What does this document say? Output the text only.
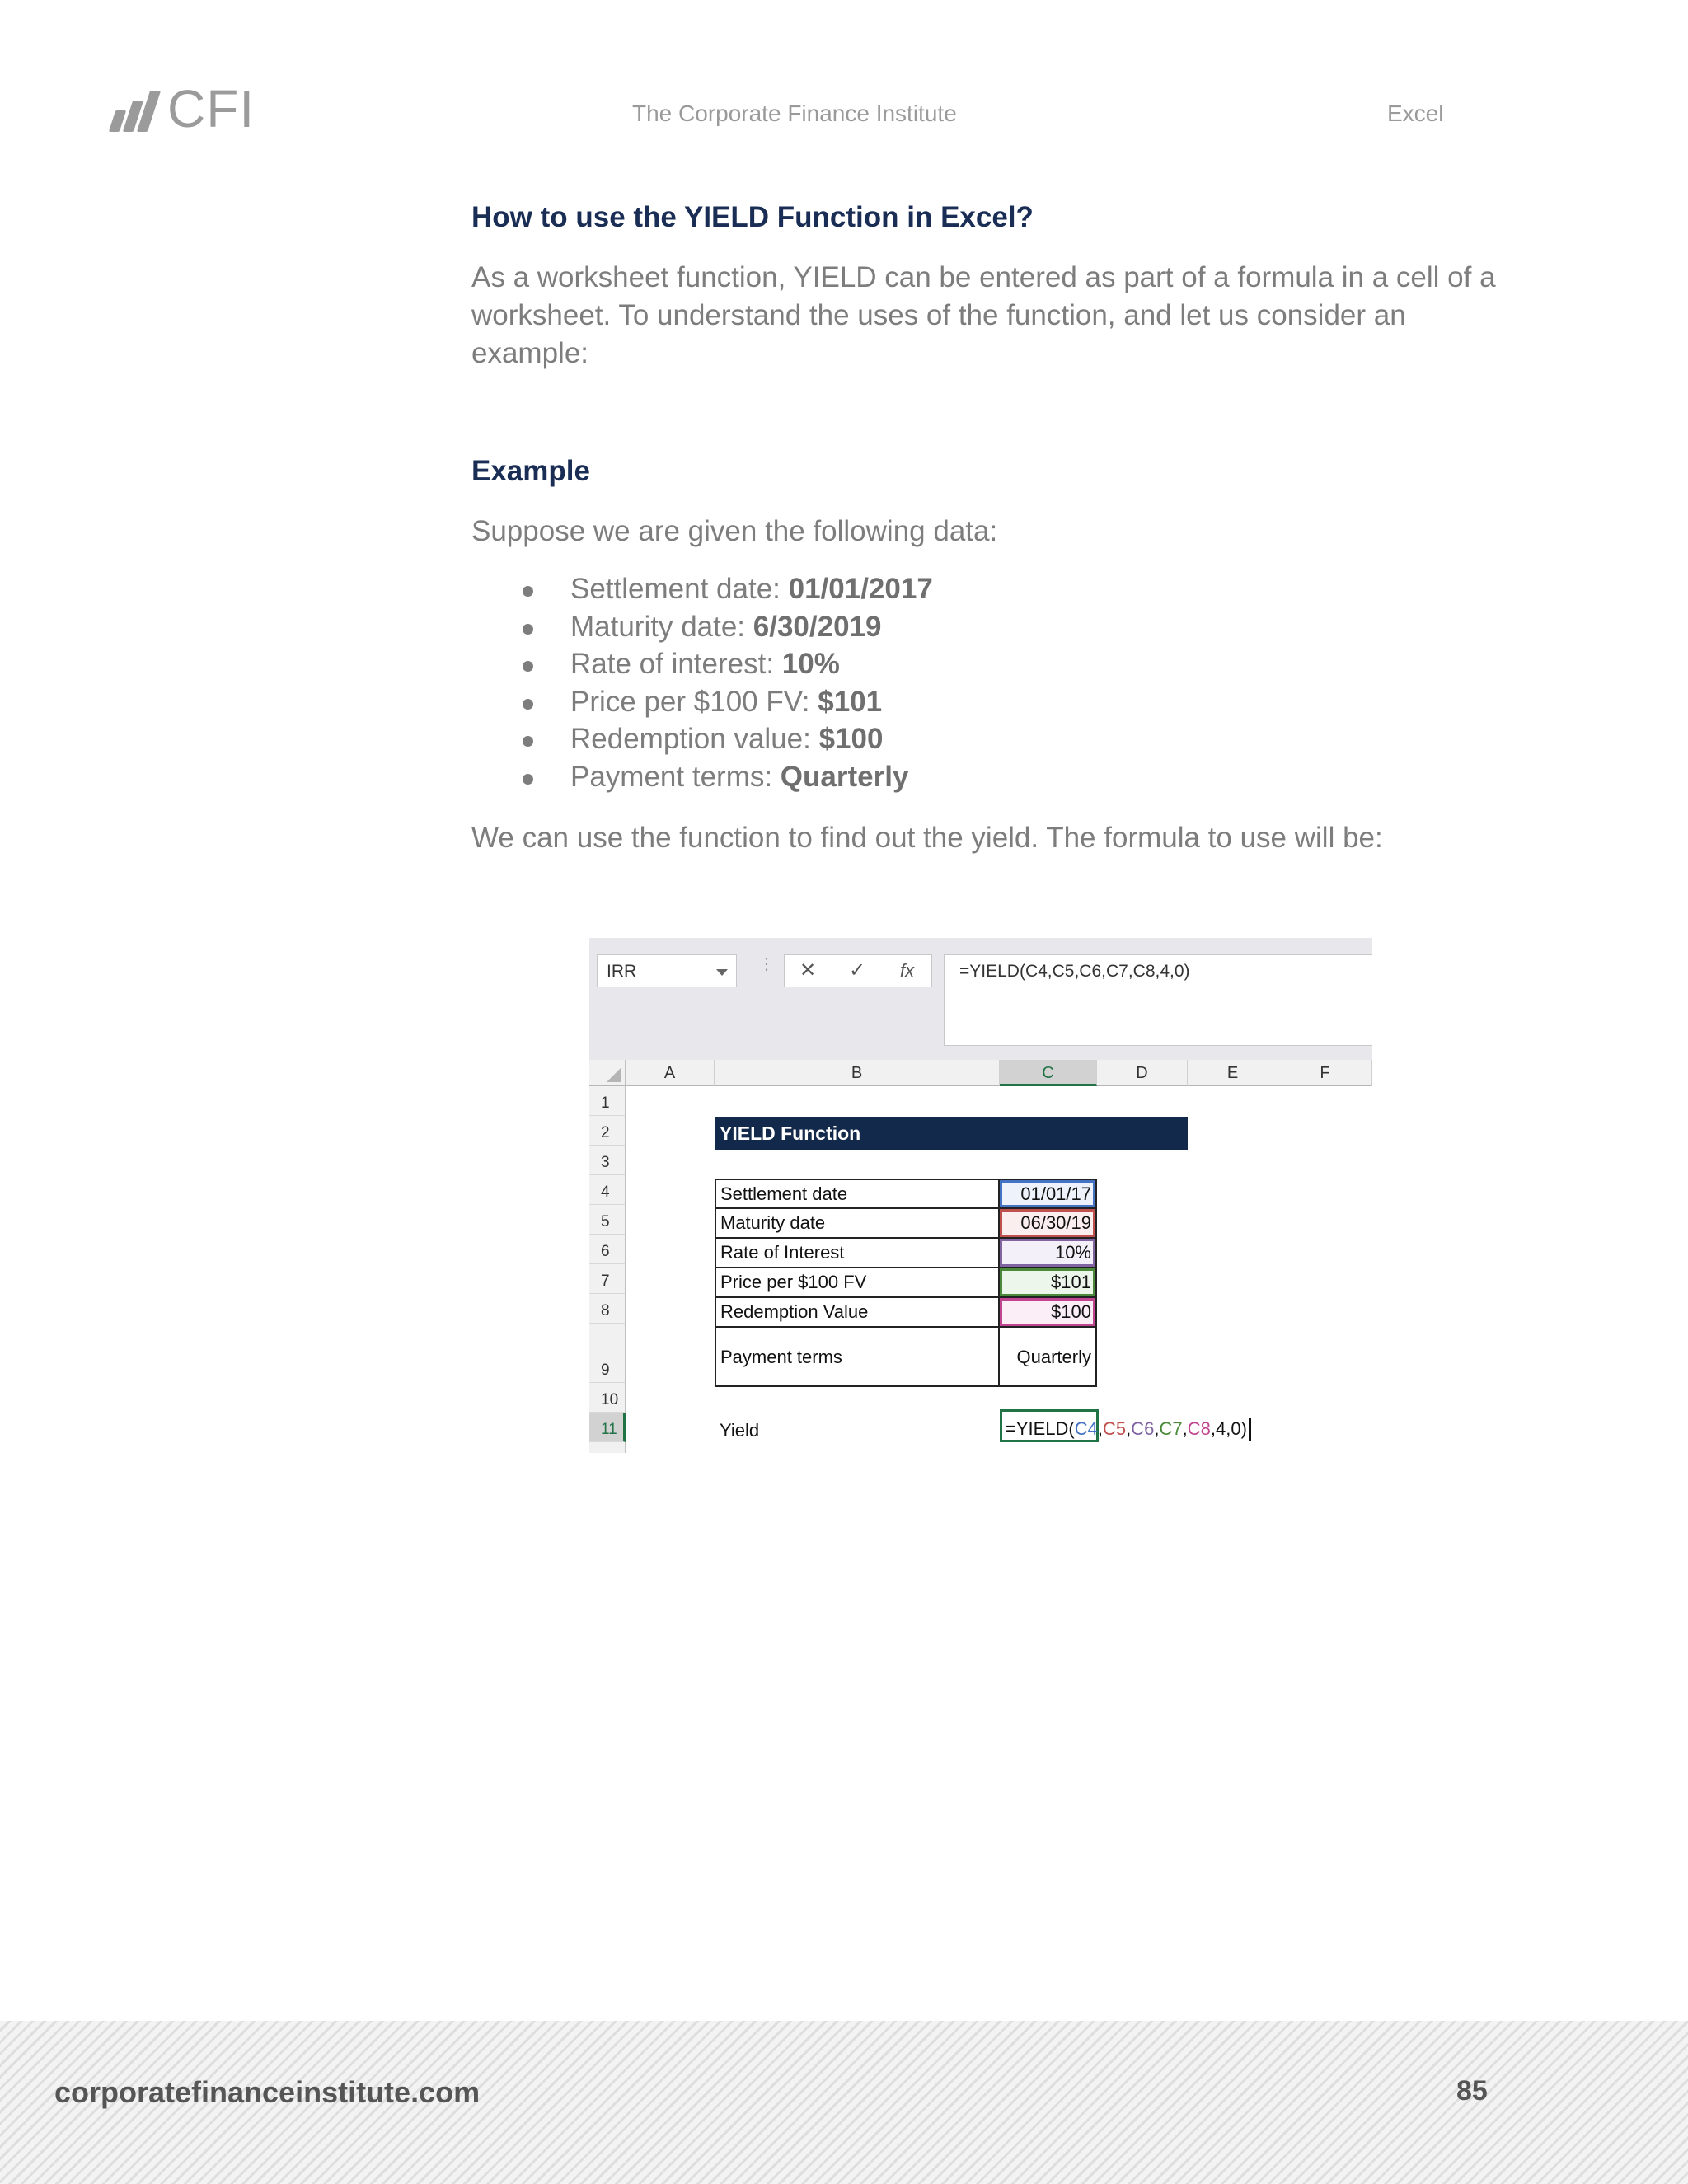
CFI	The Corporate Finance Institute	Excel
How to use the YIELD Function in Excel?

As a worksheet function, YIELD can be entered as part of a formula in a cell of a worksheet. To understand the uses of the function, and let us consider an example:

Example

Suppose we are given the following data:

Settlement date: 01/01/2017
Maturity date: 6/30/2019
Rate of interest: 10%
Price per $100 FV: $101
Redemption value: $100
Payment terms: Quarterly

We can use the function to find out the yield. The formula to use will be:

IRR	⋮ ✕ ✓ fx	=YIELD(C4,C5,C6,C7,C8,4,0)
A	B	C	D	E	F
1
2
3
4
5
6
7
8
9
10
11
YIELD Function
Settlement date	01/01/17
Maturity date	06/30/19
Rate of Interest	10%
Price per $100 FV	$101
Redemption Value	$100
Payment terms	Quarterly
Yield	=YIELD(C4,C5,C6,C7,C8,4,0)
corporatefinanceinstitute.com	85
